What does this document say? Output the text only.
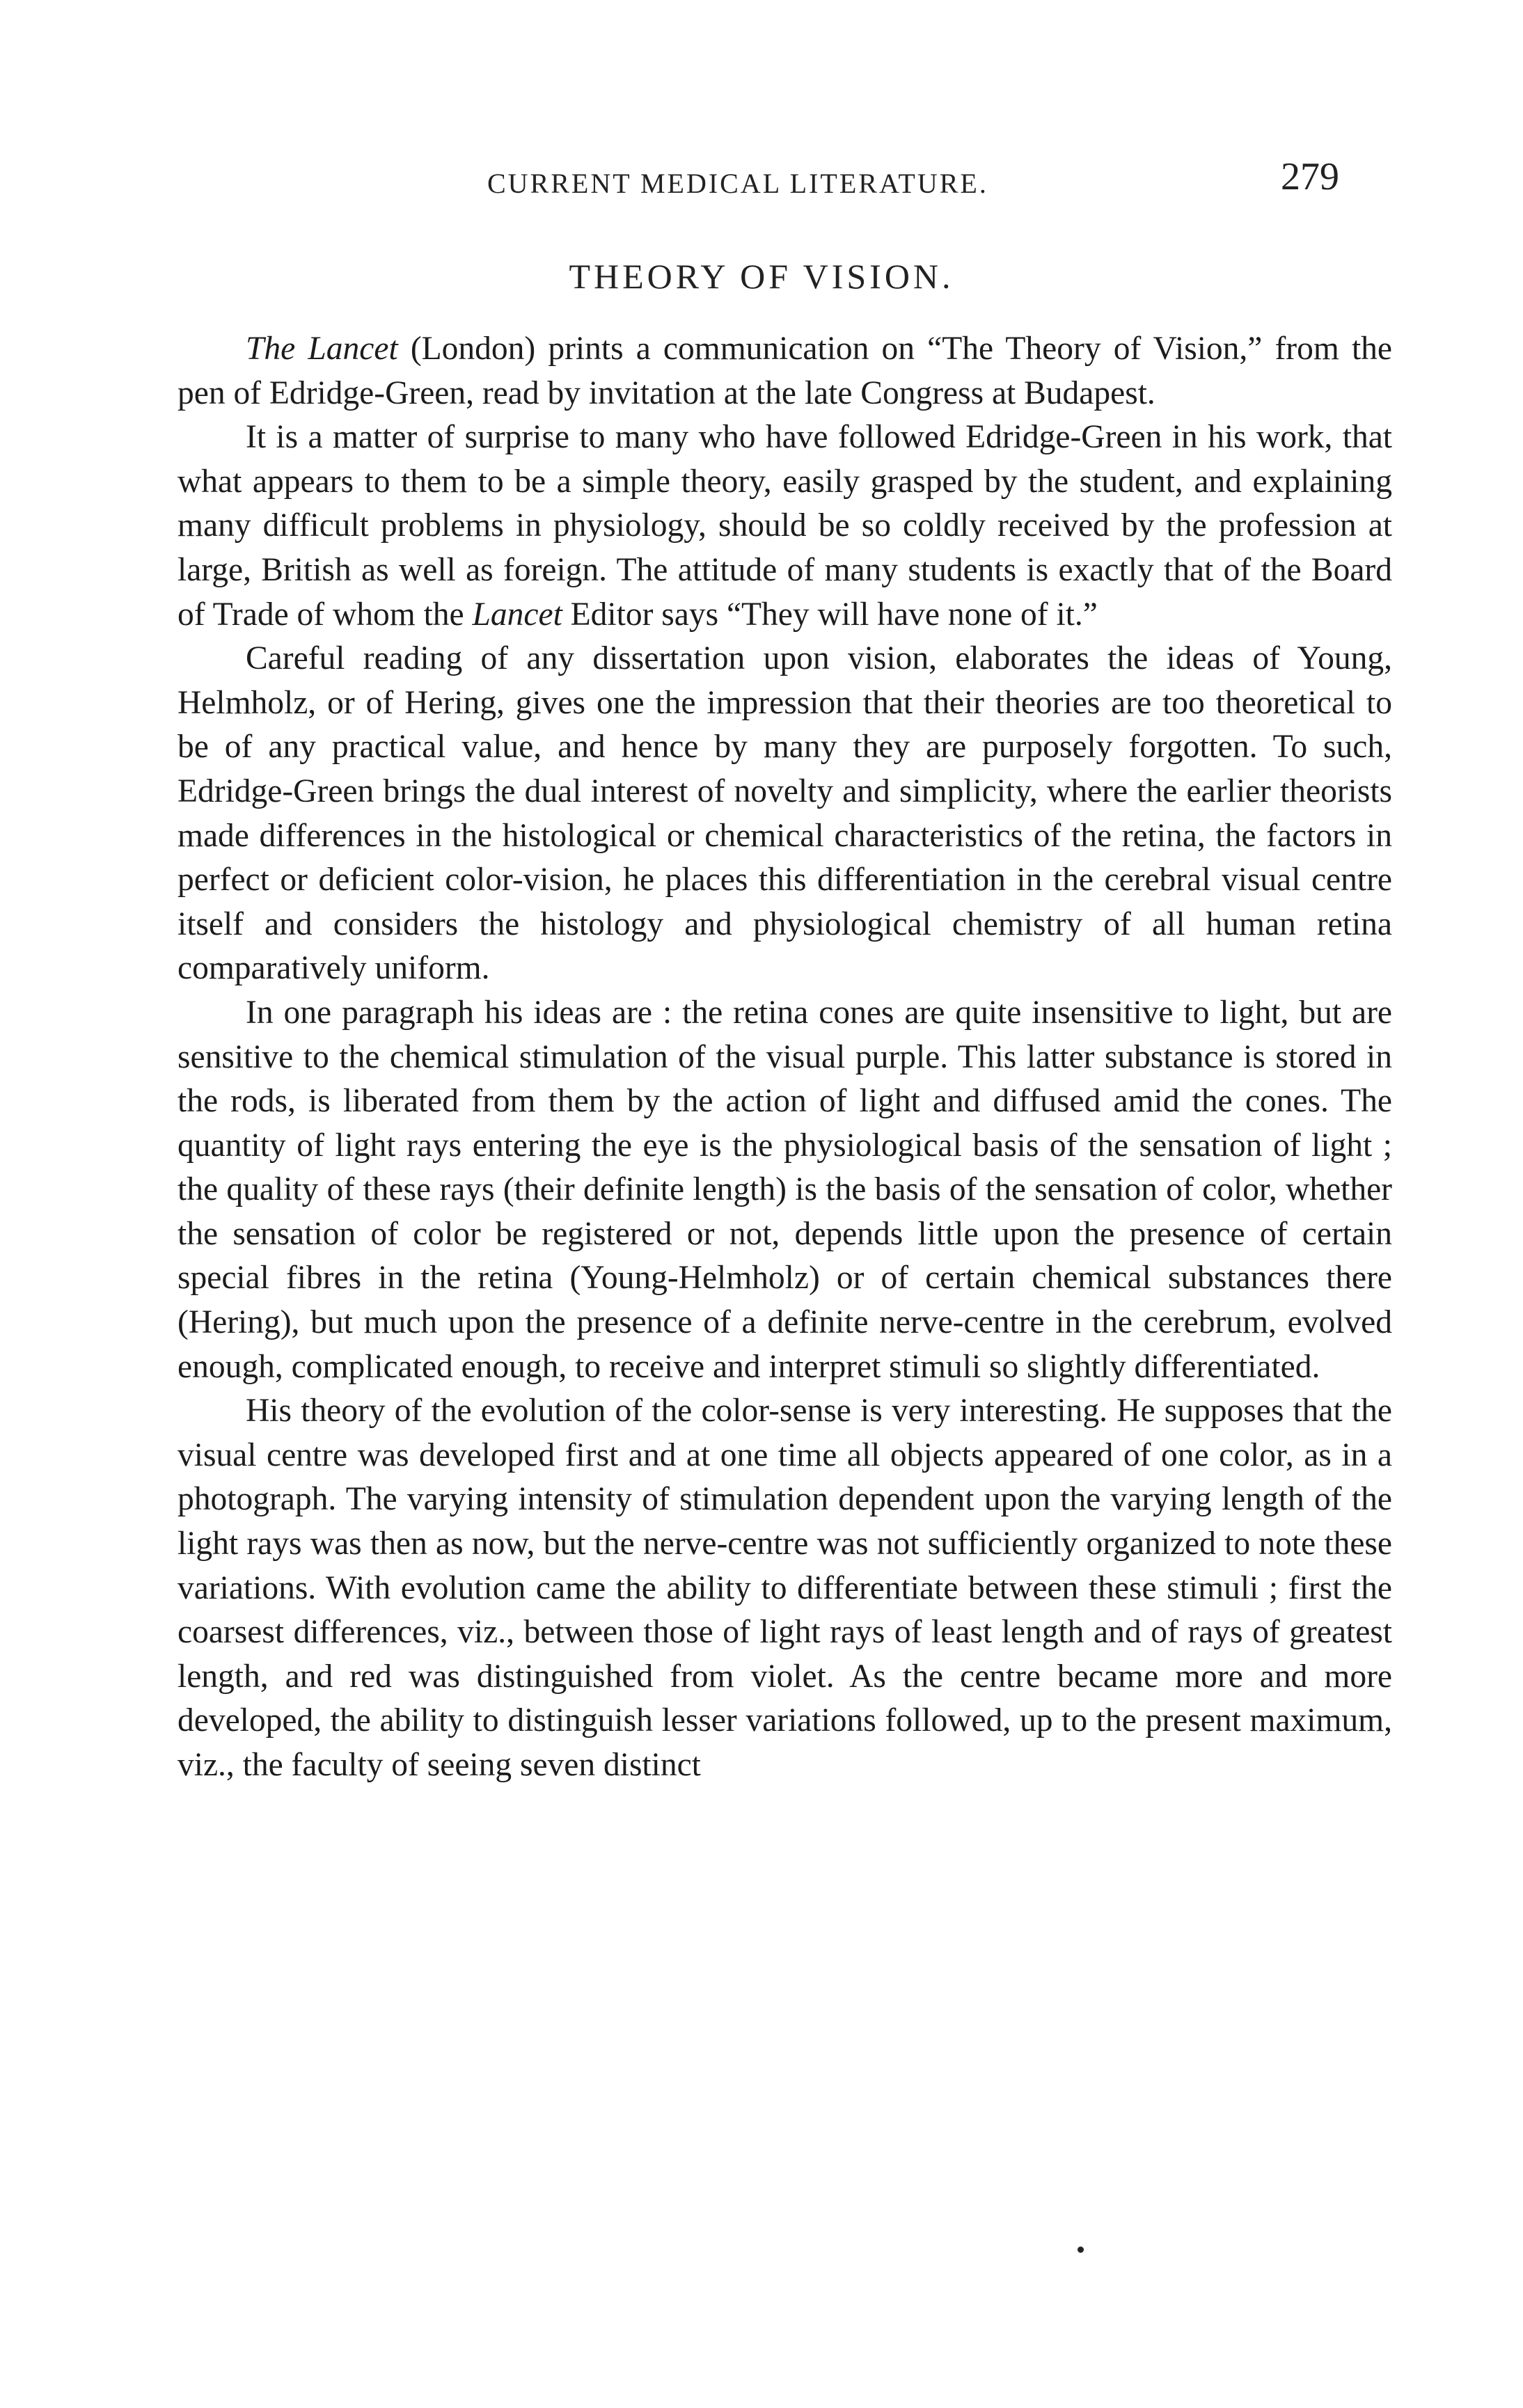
CURRENT MEDICAL LITERATURE.	279
THEORY OF VISION.

The Lancet (London) prints a communication on “The Theory of Vision,” from the pen of Edridge-Green, read by invitation at the late Congress at Budapest.

It is a matter of surprise to many who have followed Edridge-Green in his work, that what appears to them to be a simple theory, easily grasped by the student, and explaining many difficult problems in physiology, should be so coldly received by the profession at large, British as well as foreign. The attitude of many students is exactly that of the Board of Trade of whom the Lancet Editor says “They will have none of it.”

Careful reading of any dissertation upon vision, elaborates the ideas of Young, Helmholz, or of Hering, gives one the impression that their theories are too theoretical to be of any practical value, and hence by many they are purposely forgotten. To such, Edridge-Green brings the dual interest of novelty and simplicity, where the earlier theorists made differences in the histological or chemical characteristics of the retina, the factors in perfect or deficient color-vision, he places this differentiation in the cerebral visual centre itself and considers the histology and physiological chemistry of all human retina comparatively uniform.

In one paragraph his ideas are : the retina cones are quite insensitive to light, but are sensitive to the chemical stimulation of the visual purple. This latter substance is stored in the rods, is liberated from them by the action of light and diffused amid the cones. The quantity of light rays entering the eye is the physiological basis of the sensation of light ; the quality of these rays (their definite length) is the basis of the sensation of color, whether the sensation of color be registered or not, depends little upon the presence of certain special fibres in the retina (Young-Helmholz) or of certain chemical substances there (Hering), but much upon the presence of a definite nerve-centre in the cerebrum, evolved enough, complicated enough, to receive and interpret stimuli so slightly differentiated.

His theory of the evolution of the color-sense is very interesting. He supposes that the visual centre was developed first and at one time all objects appeared of one color, as in a photograph. The varying intensity of stimulation dependent upon the varying length of the light rays was then as now, but the nerve-centre was not sufficiently organized to note these variations. With evolution came the ability to differentiate between these stimuli ; first the coarsest differences, viz., between those of light rays of least length and of rays of greatest length, and red was distinguished from violet. As the centre became more and more developed, the ability to distinguish lesser variations followed, up to the present maximum, viz., the faculty of seeing seven distinct
